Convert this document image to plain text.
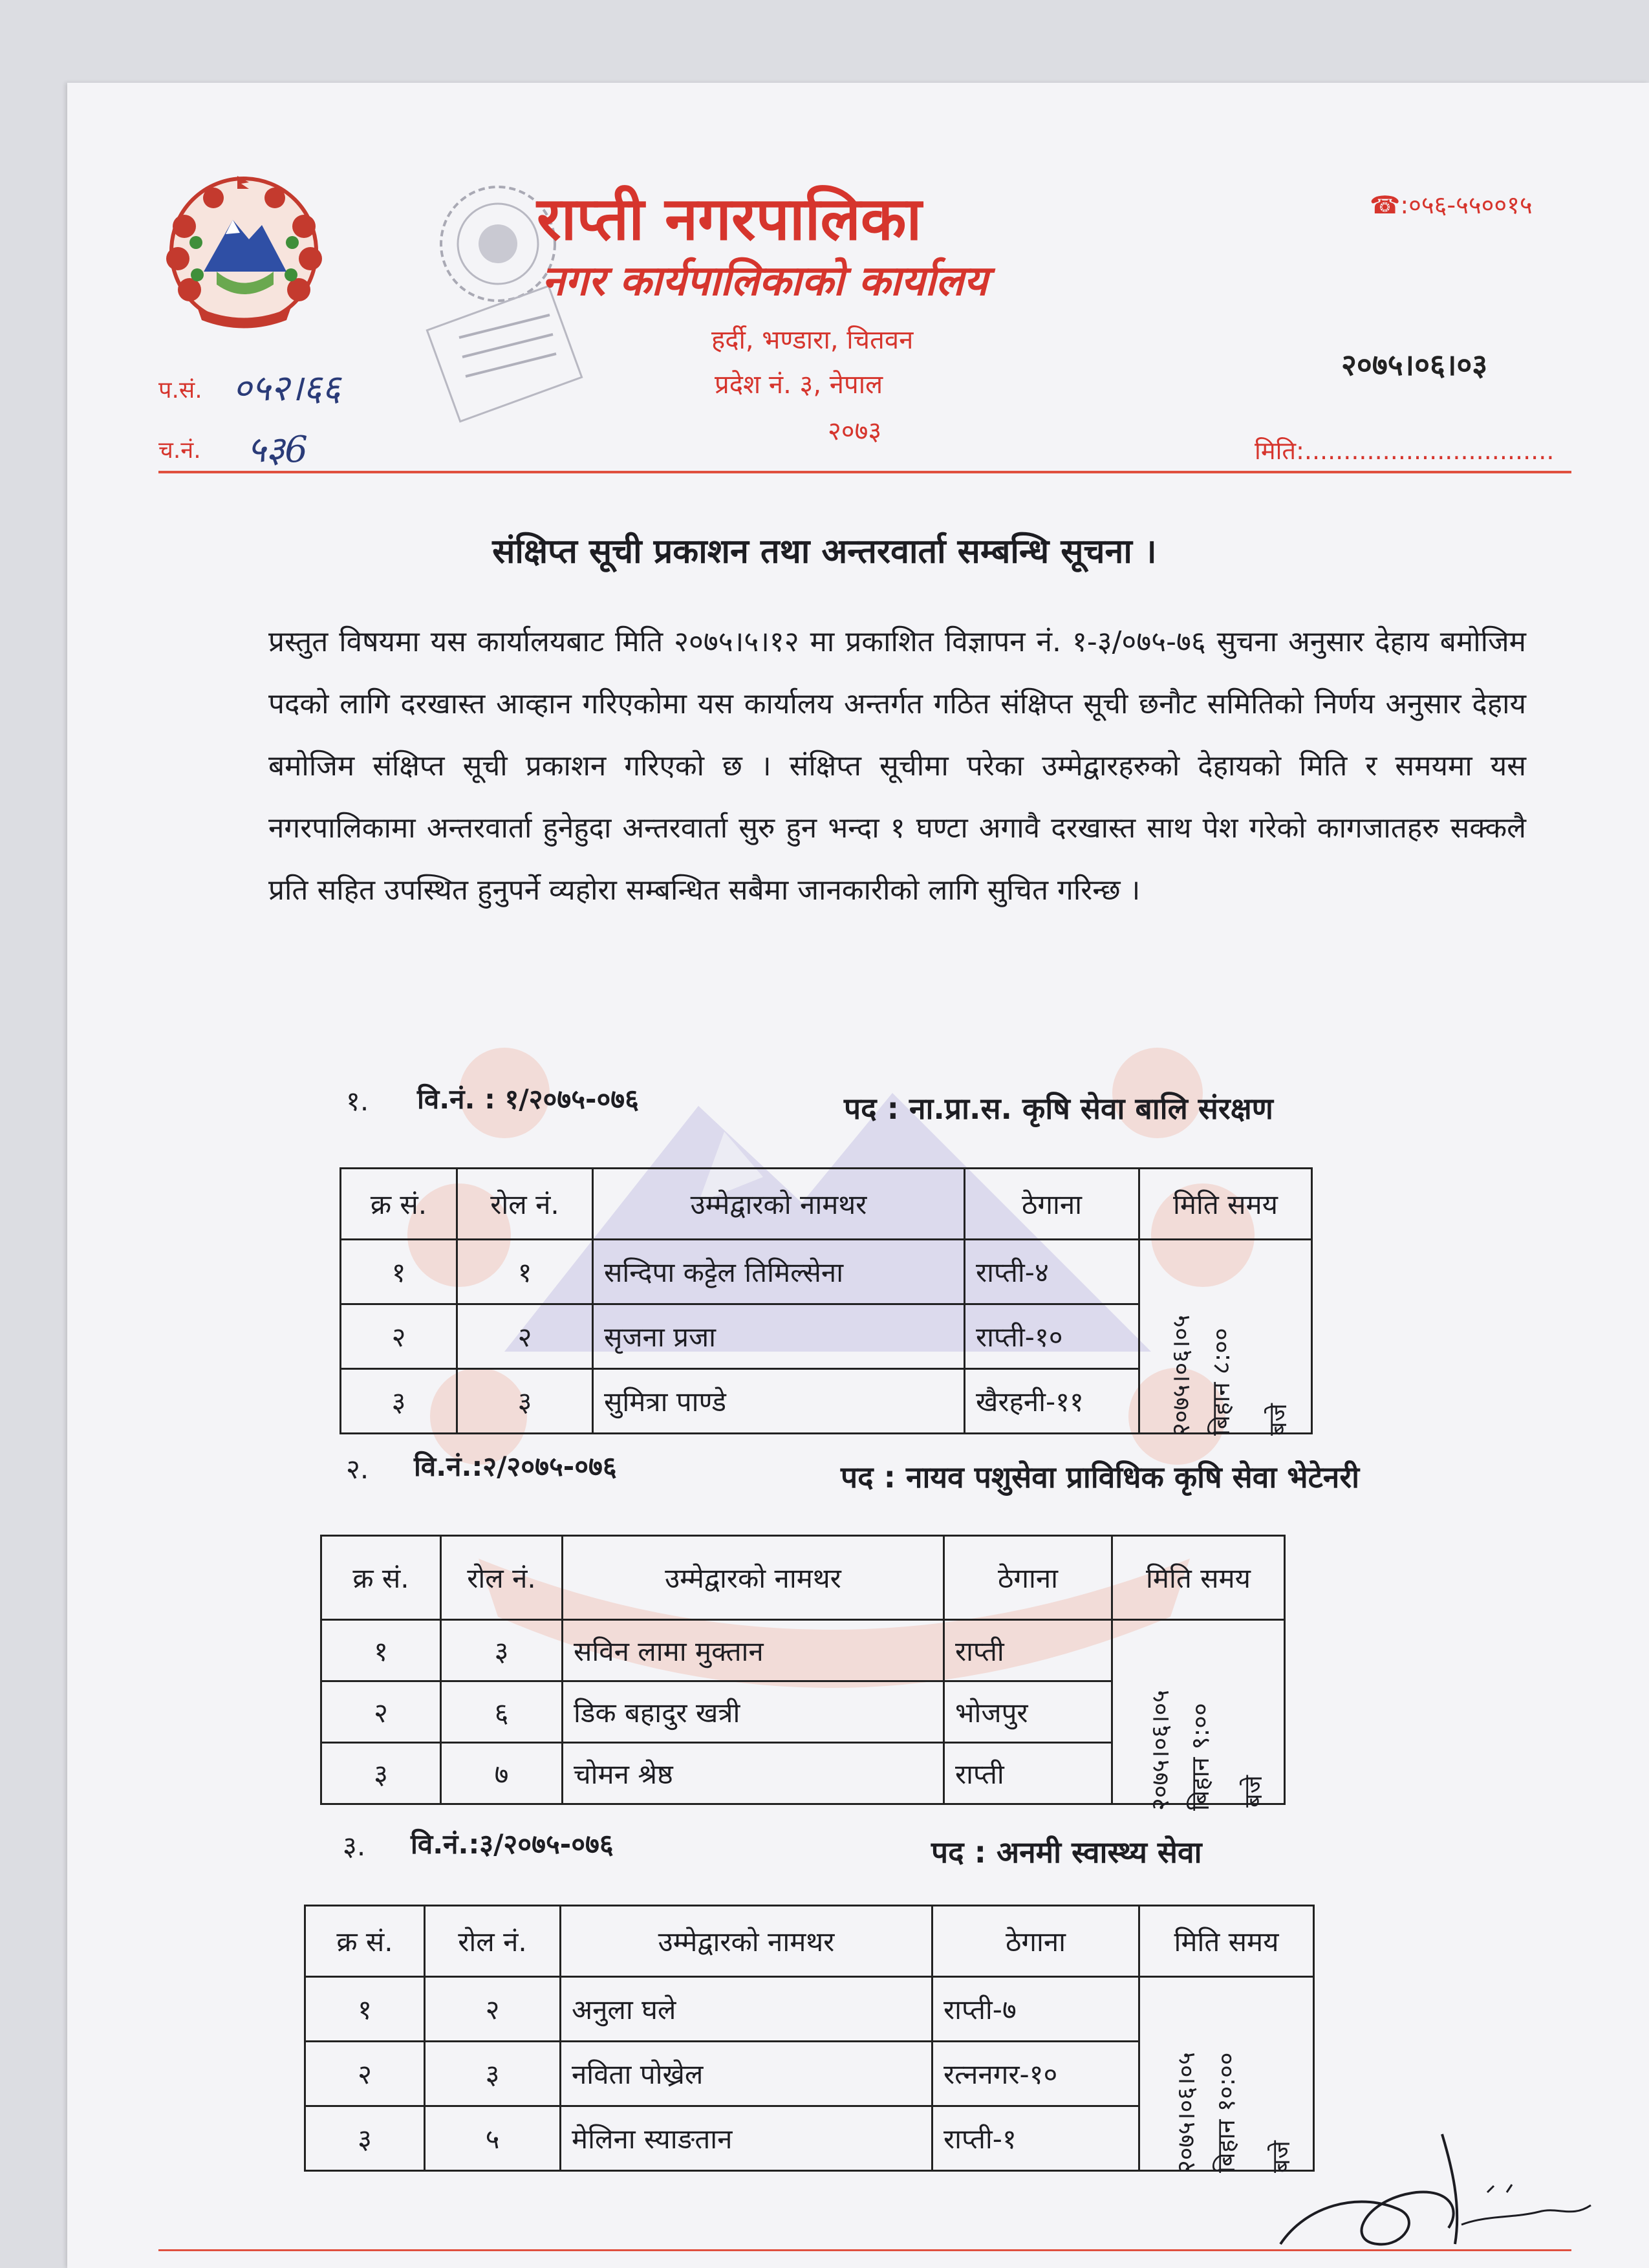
राप्ती नगरपालिका
नगर कार्यपालिकाको कार्यालय
हर्दी, भण्डारा, चितवन
प्रदेश नं. ३, नेपाल
२०७३
☎:०५६-५५००१५
२०७५।०६।०३
प.सं. ०५२।६६
च.नं. ५३6	मिति:................................
संक्षिप्त सूची प्रकाशन तथा अन्तरवार्ता सम्बन्धि सूचना ।
प्रस्तुत विषयमा यस कार्यालयबाट मिति २०७५।५।१२ मा प्रकाशित विज्ञापन नं. १-३/०७५-७६ सुचना अनुसार देहाय बमोजिम पदको लागि दरखास्त आव्हान गरिएकोमा यस कार्यालय अन्तर्गत गठित संक्षिप्त सूची छनौट समितिको निर्णय अनुसार देहाय बमोजिम संक्षिप्त सूची प्रकाशन गरिएको छ । संक्षिप्त सूचीमा परेका उम्मेद्वारहरुको देहायको मिति र समयमा यस नगरपालिकामा अन्तरवार्ता हुनेहुदा अन्तरवार्ता सुरु हुन भन्दा १ घण्टा अगावै दरखास्त साथ पेश गरेको कागजातहरु सक्कलै प्रति सहित उपस्थित हुनुपर्ने व्यहोरा सम्बन्धित सबैमा जानकारीको लागि सुचित गरिन्छ ।
१. वि.नं. : १/२०७५-०७६	पद : ना.प्रा.स. कृषि सेवा बालि संरक्षण
क्र सं.	रोल नं.	उम्मेद्वारको नामथर	ठेगाना	मिति समय
१	१	सन्दिपा कट्टेल तिमिल्सेना	राप्ती-४	
२	२	सृजना प्रजा	राप्ती-१०	
३	३	सुमित्रा पाण्डे	खैरहनी-११		२०७५।०६।०५ बिहान ८:०० बजे
२. वि.नं.:२/२०७५-०७६	पद : नायव पशुसेवा प्राविधिक कृषि सेवा भेटेनरी
क्र सं.	रोल नं.	उम्मेद्वारको नामथर	ठेगाना	मिति समय
१	३	सविन लामा मुक्तान	राप्ती	
२	६	डिक बहादुर खत्री	भोजपुर	
३	७	चोमन श्रेष्ठ	राप्ती		२०७५।०६।०५ बिहान ९:०० बजे
३. वि.नं.:३/२०७५-०७६	पद : अनमी स्वास्थ्य सेवा
क्र सं.	रोल नं.	उम्मेद्वारको नामथर	ठेगाना	मिति समय
१	२	अनुला घले	राप्ती-७	
२	३	नविता पोख्रेल	रत्ननगर-१०	
३	५	मेलिना स्याङतान	राप्ती-१		२०७५।०६।०५ बिहान १०:०० बजे
